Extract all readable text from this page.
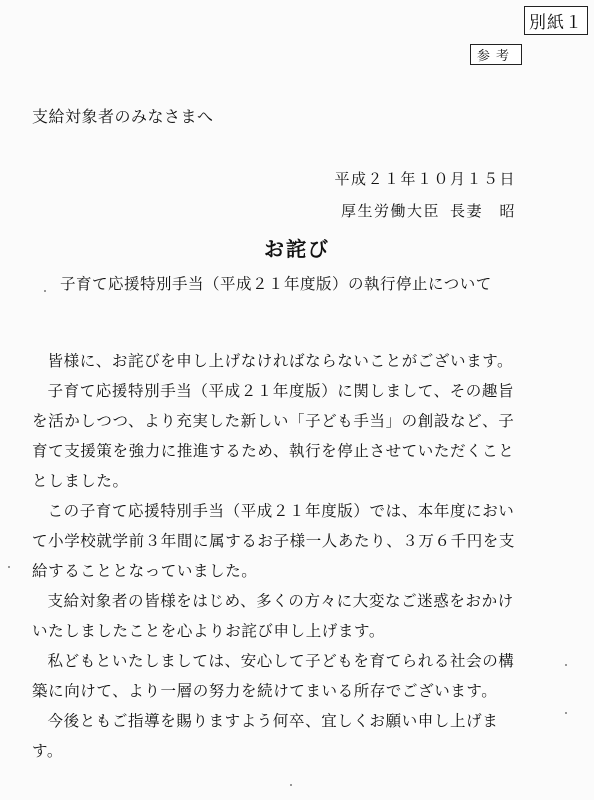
別紙１
参考
支給対象者のみなさまへ
平成２１年１０月１５日
厚生労働大臣 長妻　昭
お詫び
子育て応援特別手当（平成２１年度版）の執行停止について

皆様に、お詫びを申し上げなければならないことがございます。

子育て応援特別手当（平成２１年度版）に関しまして、その趣旨を活かしつつ、より充実した新しい「子ども手当」の創設など、子育て支援策を強力に推進するため、執行を停止させていただくこととしました。

この子育て応援特別手当（平成２１年度版）では、本年度において小学校就学前３年間に属するお子様一人あたり、３万６千円を支給することとなっていました。

支給対象者の皆様をはじめ、多くの方々に大変なご迷惑をおかけいたしましたことを心よりお詫び申し上げます。

私どもといたしましては、安心して子どもを育てられる社会の構築に向けて、より一層の努力を続けてまいる所存でございます。

今後ともご指導を賜りますよう何卒、宜しくお願い申し上げます。
